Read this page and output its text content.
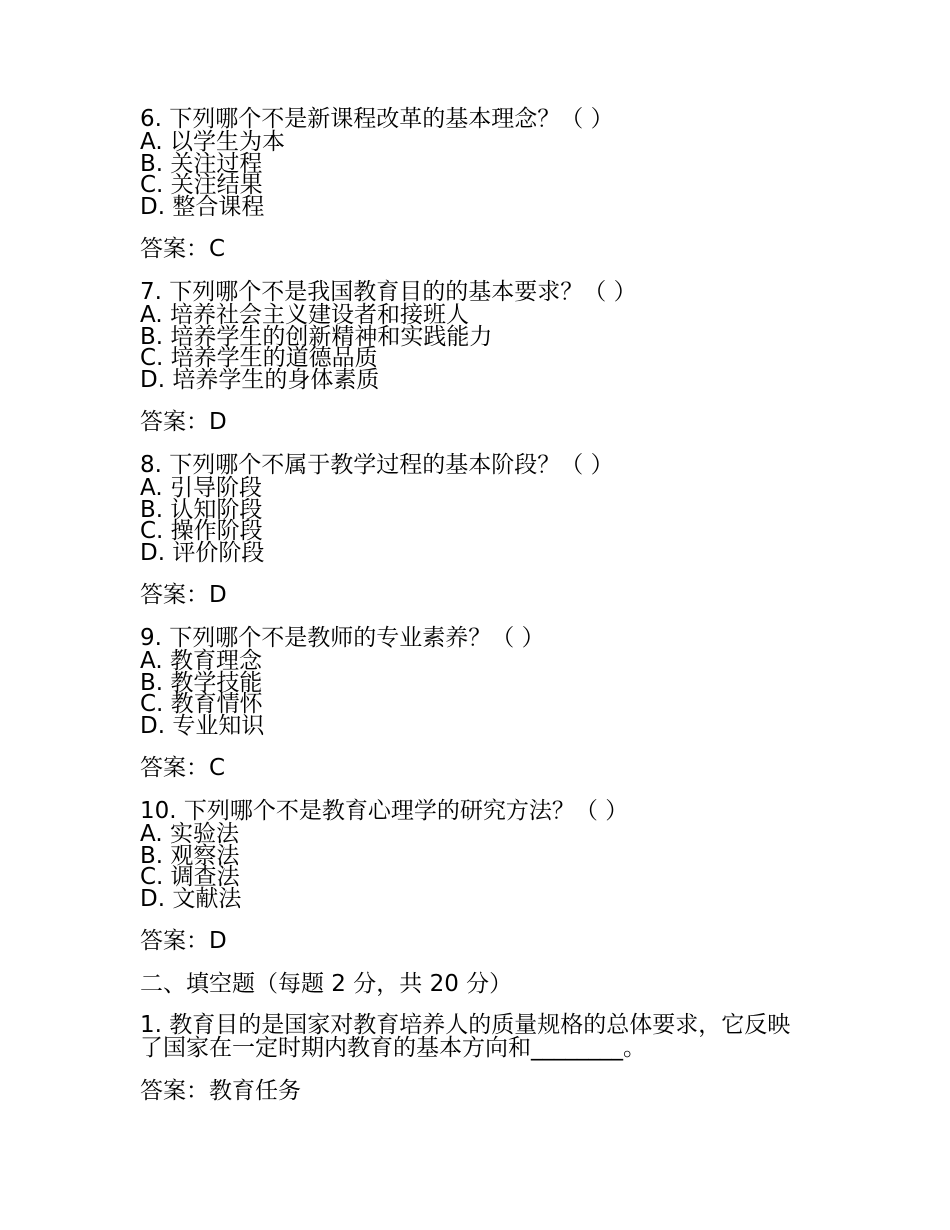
6. 下列哪个不是新课程改革的基本理念？（ ）
A. 以学生为本
B. 关注过程
C. 关注结果
D. 整合课程
答案：C
7. 下列哪个不是我国教育目的的基本要求？（ ）
A. 培养社会主义建设者和接班人
B. 培养学生的创新精神和实践能力
C. 培养学生的道德品质
D. 培养学生的身体素质
答案：D
8. 下列哪个不属于教学过程的基本阶段？（ ）
A. 引导阶段
B. 认知阶段
C. 操作阶段
D. 评价阶段
答案：D
9. 下列哪个不是教师的专业素养？（ ）
A. 教育理念
B. 教学技能
C. 教育情怀
D. 专业知识
答案：C
10. 下列哪个不是教育心理学的研究方法？（ ）
A. 实验法
B. 观察法
C. 调查法
D. 文献法
答案：D
二、填空题（每题 2 分，共 20 分）
1. 教育目的是国家对教育培养人的质量规格的总体要求，它反映了国家在一定时期内教育的基本方向和________。
答案：教育任务
